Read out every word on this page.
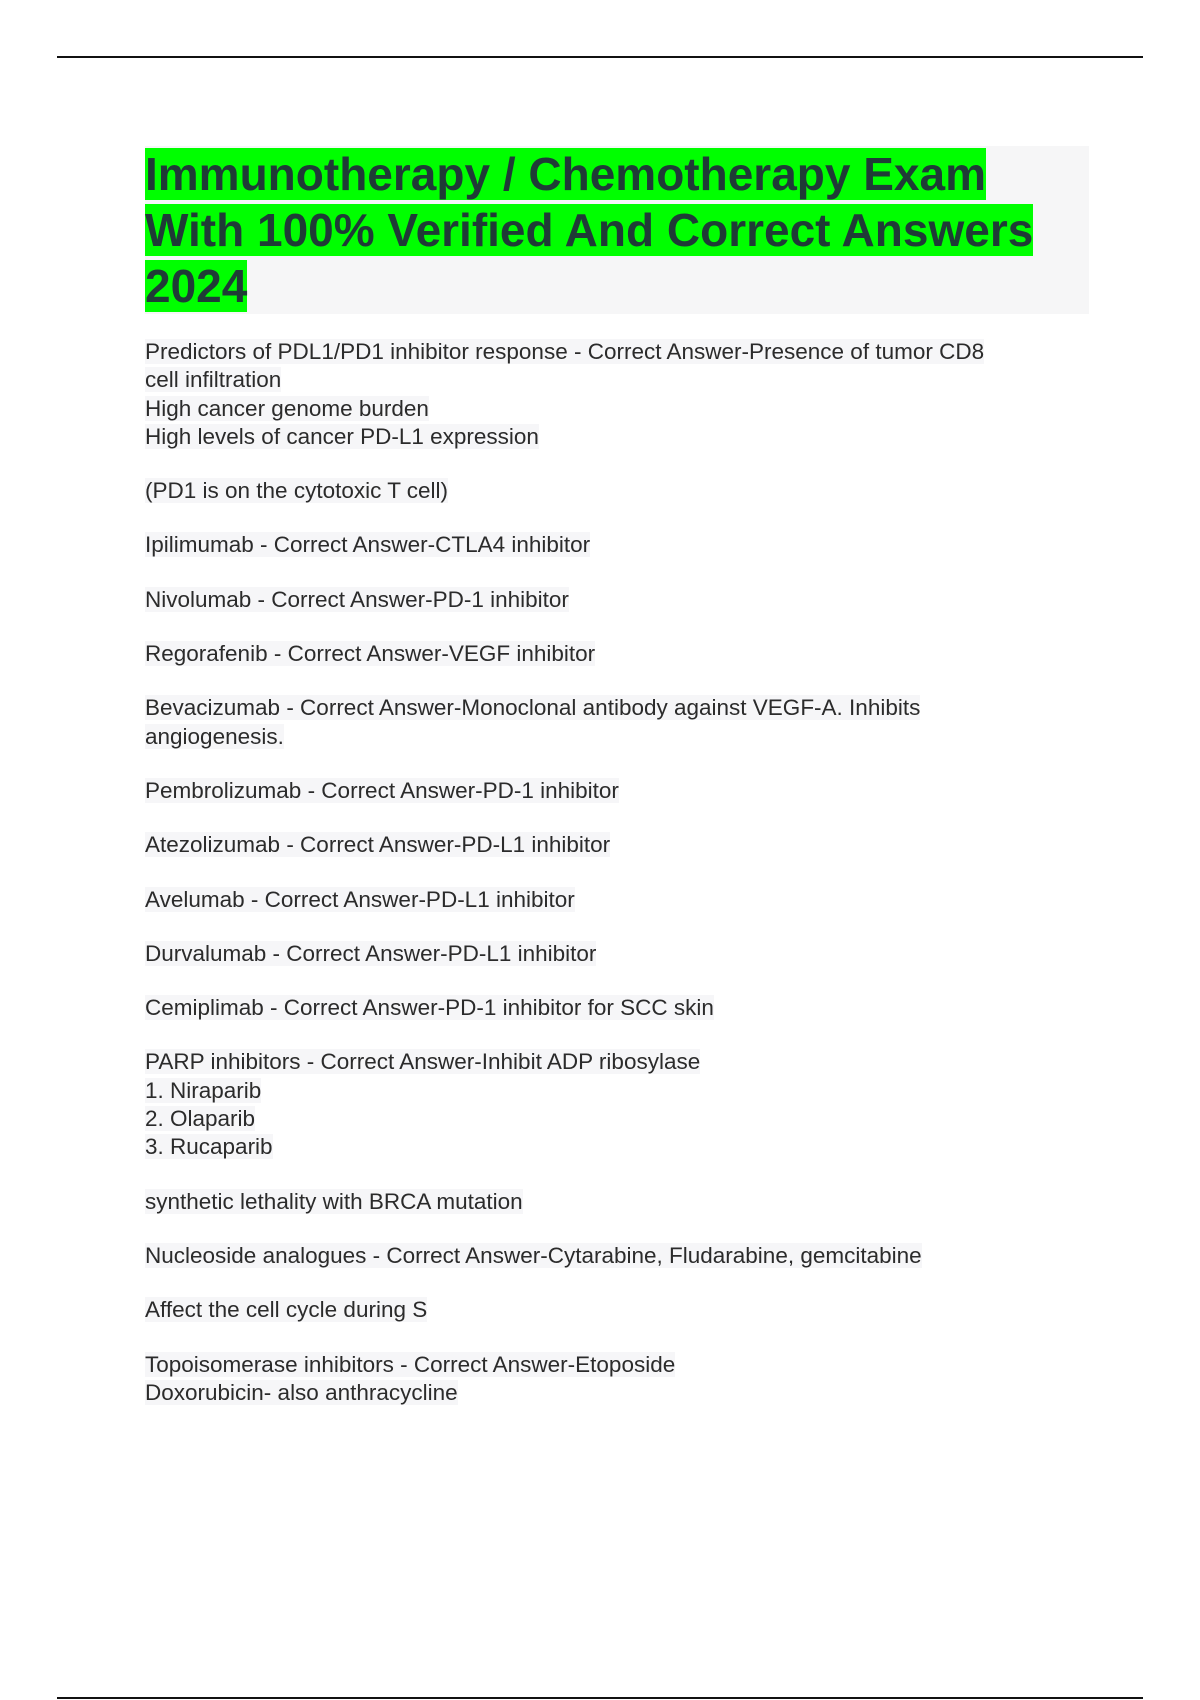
Immunotherapy / Chemotherapy Exam
With 100% Verified And Correct Answers
2024

Predictors of PDL1/PD1 inhibitor response - Correct Answer-Presence of tumor CD8
cell infiltration
High cancer genome burden
High levels of cancer PD-L1 expression

(PD1 is on the cytotoxic T cell)

Ipilimumab - Correct Answer-CTLA4 inhibitor

Nivolumab - Correct Answer-PD-1 inhibitor

Regorafenib - Correct Answer-VEGF inhibitor

Bevacizumab - Correct Answer-Monoclonal antibody against VEGF-A. Inhibits
angiogenesis.

Pembrolizumab - Correct Answer-PD-1 inhibitor

Atezolizumab - Correct Answer-PD-L1 inhibitor

Avelumab - Correct Answer-PD-L1 inhibitor

Durvalumab - Correct Answer-PD-L1 inhibitor

Cemiplimab - Correct Answer-PD-1 inhibitor for SCC skin

PARP inhibitors - Correct Answer-Inhibit ADP ribosylase
1. Niraparib
2. Olaparib
3. Rucaparib

synthetic lethality with BRCA mutation

Nucleoside analogues - Correct Answer-Cytarabine, Fludarabine, gemcitabine

Affect the cell cycle during S

Topoisomerase inhibitors - Correct Answer-Etoposide
Doxorubicin- also anthracycline
